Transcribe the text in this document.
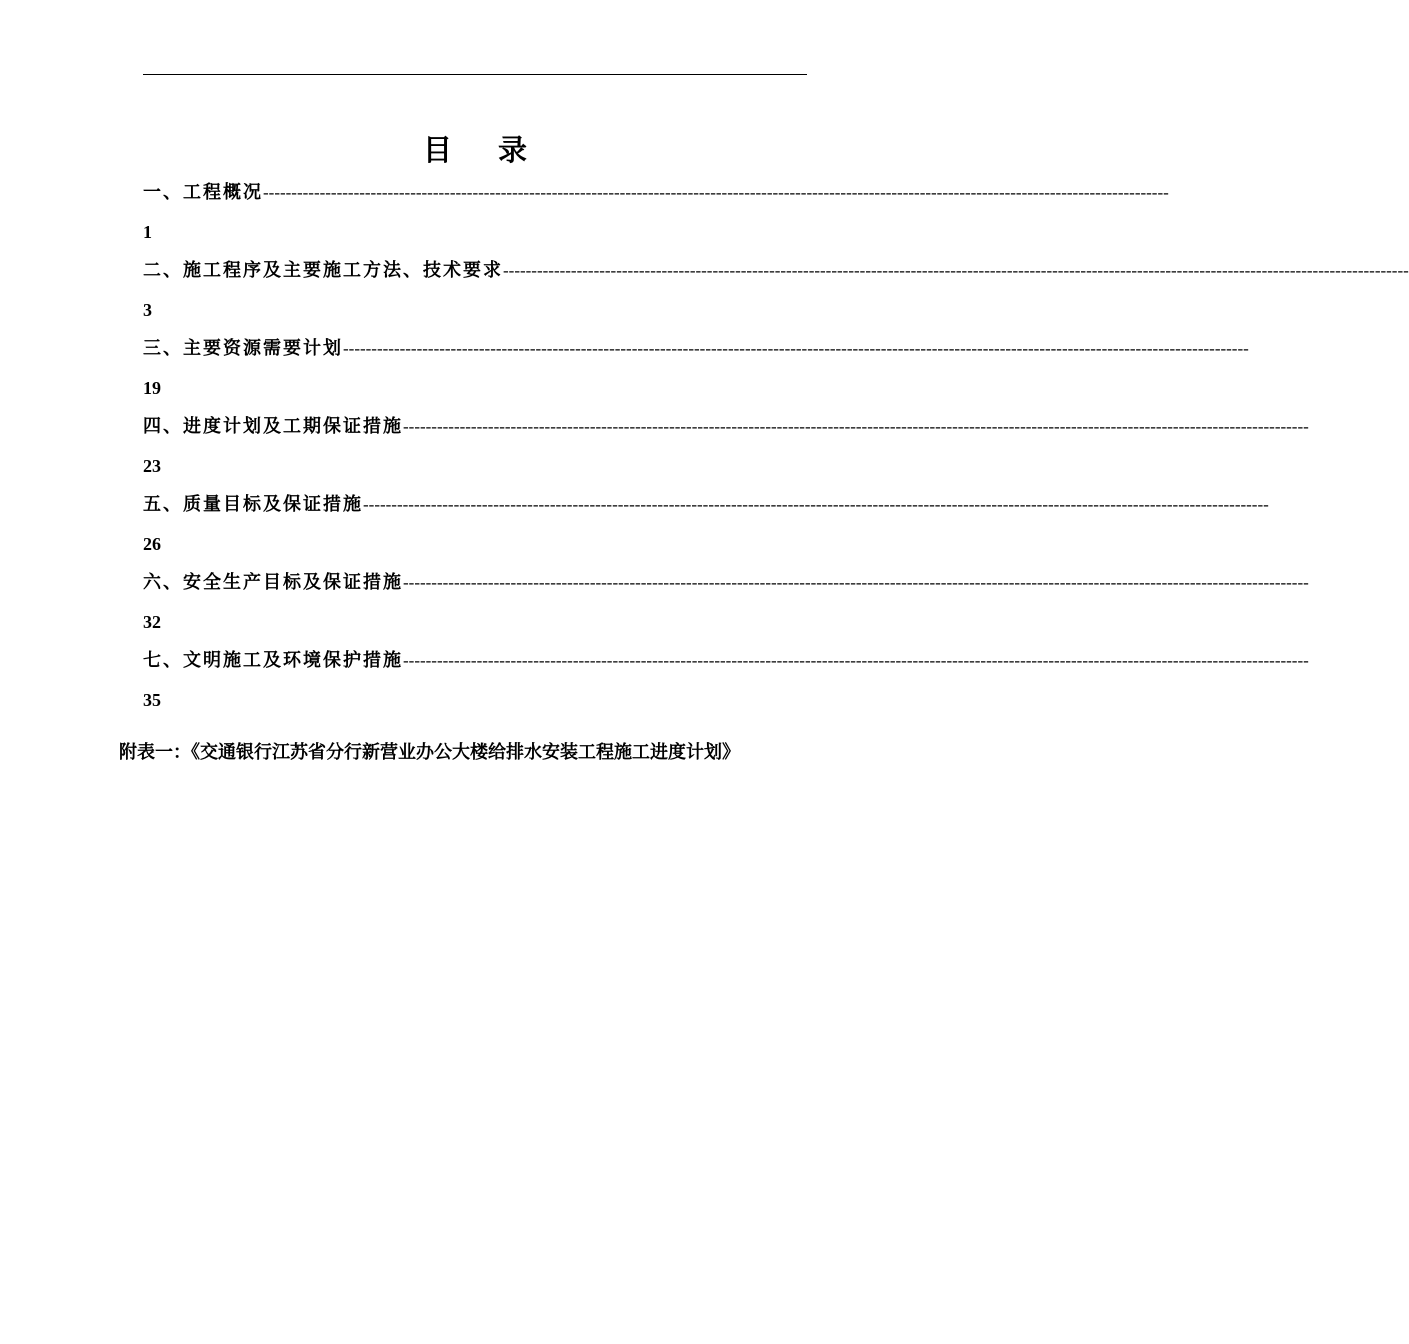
目录
一、工程概况 ----------------------------------------------------------------------------------------------------------------------------------------------------------------
1
二、施工程序及主要施工方法、技术要求 ----------------------------------------------------------------------------------------------------------------------------------------------------------------
3
三、主要资源需要计划 ----------------------------------------------------------------------------------------------------------------------------------------------------------------
19
四、进度计划及工期保证措施 ----------------------------------------------------------------------------------------------------------------------------------------------------------------
23
五、质量目标及保证措施 ----------------------------------------------------------------------------------------------------------------------------------------------------------------
26
六、安全生产目标及保证措施 ----------------------------------------------------------------------------------------------------------------------------------------------------------------
32
七、文明施工及环境保护措施 ----------------------------------------------------------------------------------------------------------------------------------------------------------------
35
附表一：《交通银行江苏省分行新营业办公大楼给排水安装工程施工进度计划》
